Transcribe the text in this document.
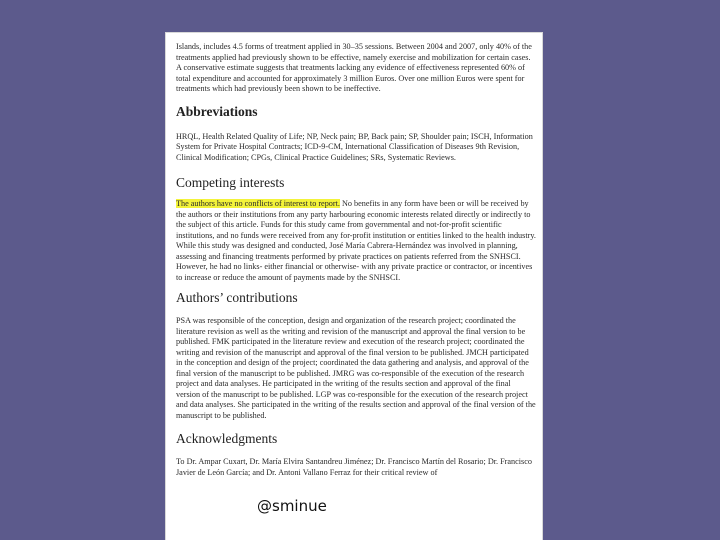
Islands, includes 4.5 forms of treatment applied in 30–35 sessions. Between 2004 and 2007, only 40% of the treatments applied had previously shown to be effective, namely exercise and mobilization for certain cases. A conservative estimate suggests that treatments lacking any evidence of effectiveness represented 60% of total expenditure and accounted for approximately 3 million Euros. Over one million Euros were spent for treatments which had previously been shown to be ineffective.

Abbreviations

HRQL, Health Related Quality of Life; NP, Neck pain; BP, Back pain; SP, Shoulder pain; ISCH, Information System for Private Hospital Contracts; ICD-9-CM, International Classification of Diseases 9th Revision, Clinical Modification; CPGs, Clinical Practice Guidelines; SRs, Systematic Reviews.

Competing interests

The authors have no conflicts of interest to report. No benefits in any form have been or will be received by the authors or their institutions from any party harbouring economic interests related directly or indirectly to the subject of this article. Funds for this study came from governmental and not-for-profit scientific institutions, and no funds were received from any for-profit institution or entities linked to the health industry. While this study was designed and conducted, José María Cabrera-Hernández was involved in planning, assessing and financing treatments performed by private practices on patients referred from the SNHSCI. However, he had no links- either financial or otherwise- with any private practice or contractor, or incentives to increase or reduce the amount of payments made by the SNHSCI.

Authors’ contributions

PSA was responsible of the conception, design and organization of the research project; coordinated the literature revision as well as the writing and revision of the manuscript and approval the final version to be published. FMK participated in the literature review and execution of the research project; coordinated the writing and revision of the manuscript and approval of the final version to be published. JMCH participated in the conception and design of the project; coordinated the data gathering and analysis, and approval of the final version of the manuscript to be published. JMRG was co-responsible of the execution of the research project and data analyses. He participated in the writing of the results section and approval of the final version of the manuscript to be published. LGP was co-responsible for the execution of the research project and data analyses. She participated in the writing of the results section and approval of the final version of the manuscript to be published.

Acknowledgments

To Dr. Ampar Cuxart, Dr. María Elvira Santandreu Jiménez; Dr. Francisco Martín del Rosario; Dr. Francisco Javier de León García; and Dr. Antoni Vallano Ferraz for their critical review of

@sminue
